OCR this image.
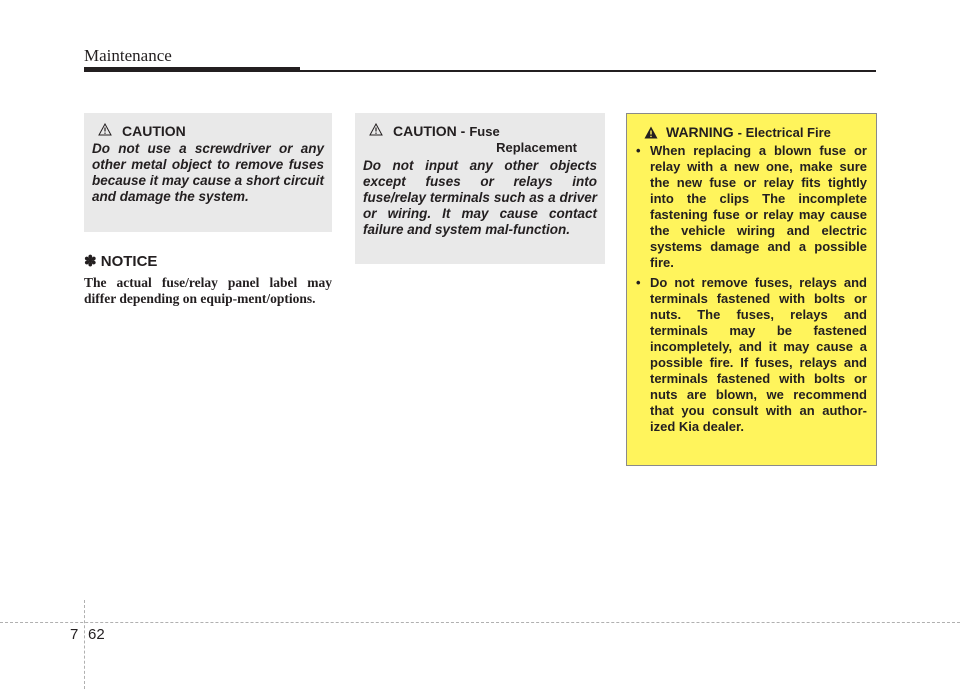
Maintenance
CAUTION

Do not use a screwdriver or any other metal object to remove fuses because it may cause a short circuit and damage the system.

✽ NOTICE

The actual fuse/relay panel label may differ depending on equip-ment/options.

CAUTION - Fuse
Replacement

Do not input any other objects except fuses or relays into fuse/relay terminals such as a driver or wiring. It may cause contact failure and system mal-function.

WARNING - Electrical Fire
• When replacing a blown fuse or relay with a new one, make sure the new fuse or relay fits tightly into the clips The incomplete fastening fuse or relay may cause the vehicle wiring and electric systems damage and a possible fire.
• Do not remove fuses, relays and terminals fastened with bolts or nuts. The fuses, relays and terminals may be fastened incompletely, and it may cause a possible fire. If fuses, relays and terminals fastened with bolts or nuts are blown, we recommend that you consult with an author-ized Kia dealer.
7 62
